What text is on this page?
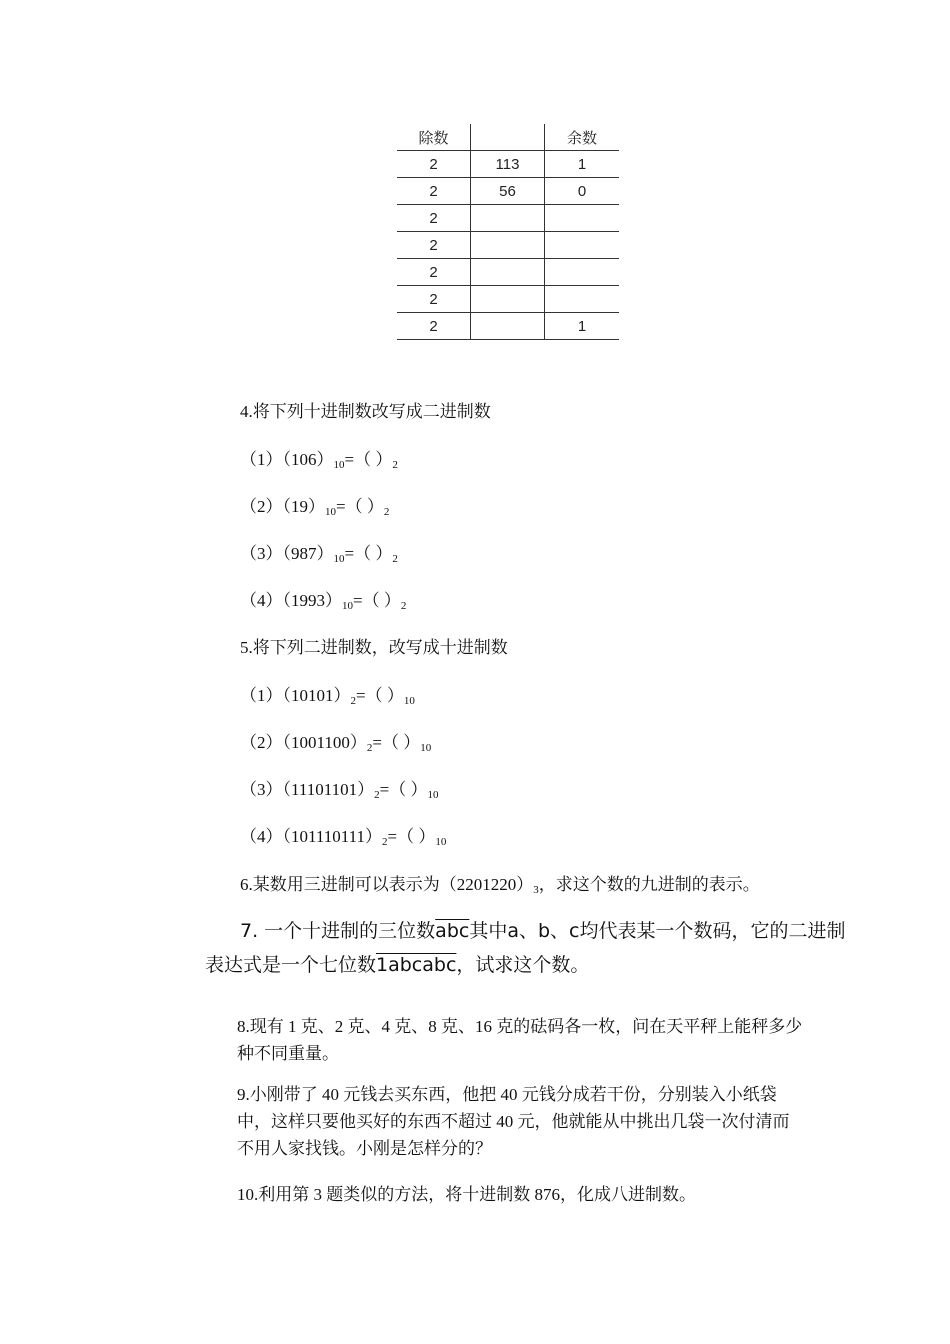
除数		余数
2	113	1
2	56	0
2		
2		
2		
2		
2		1
4.将下列十进制数改写成二进制数
$(1)(106)_{10}=$（ ）$_2$
$(2)(19)_{10}=$（ ）$_2$
$(3)(987)_{10}=$（ ）$_2$
$(4)(1993)_{10}=$（ ）$_2$
5.将下列二进制数，改写成十进制数
$(1)(10101)_2=$（ ）$_{10}$
$(2)(1001100)_2=$（ ）$_{10}$
$(3)(11101101)_2=$（ ）$_{10}$
$(4)(101110111)_2=$（ ）$_{10}$
6.某数用三进制可以表示为$(2201220)_3$，求这个数的九进制的表示。
7. 一个十进制的三位数$\overline{abc}$其中a、b、c均代表某一个数码，它的二进制
表达式是一个七位数1abcabc，试求这个数。
8.现有 1 克、2 克、4 克、8 克、16 克的砝码各一枚，问在天平秤上能秤多少种不同重量。
9.小刚带了 40 元钱去买东西，他把 40 元钱分成若干份，分别装入小纸袋中，这样只要他买好的东西不超过 40 元，他就能从中挑出几袋一次付清而不用人家找钱。小刚是怎样分的？
10.利用第 3 题类似的方法，将十进制数 876，化成八进制数。
